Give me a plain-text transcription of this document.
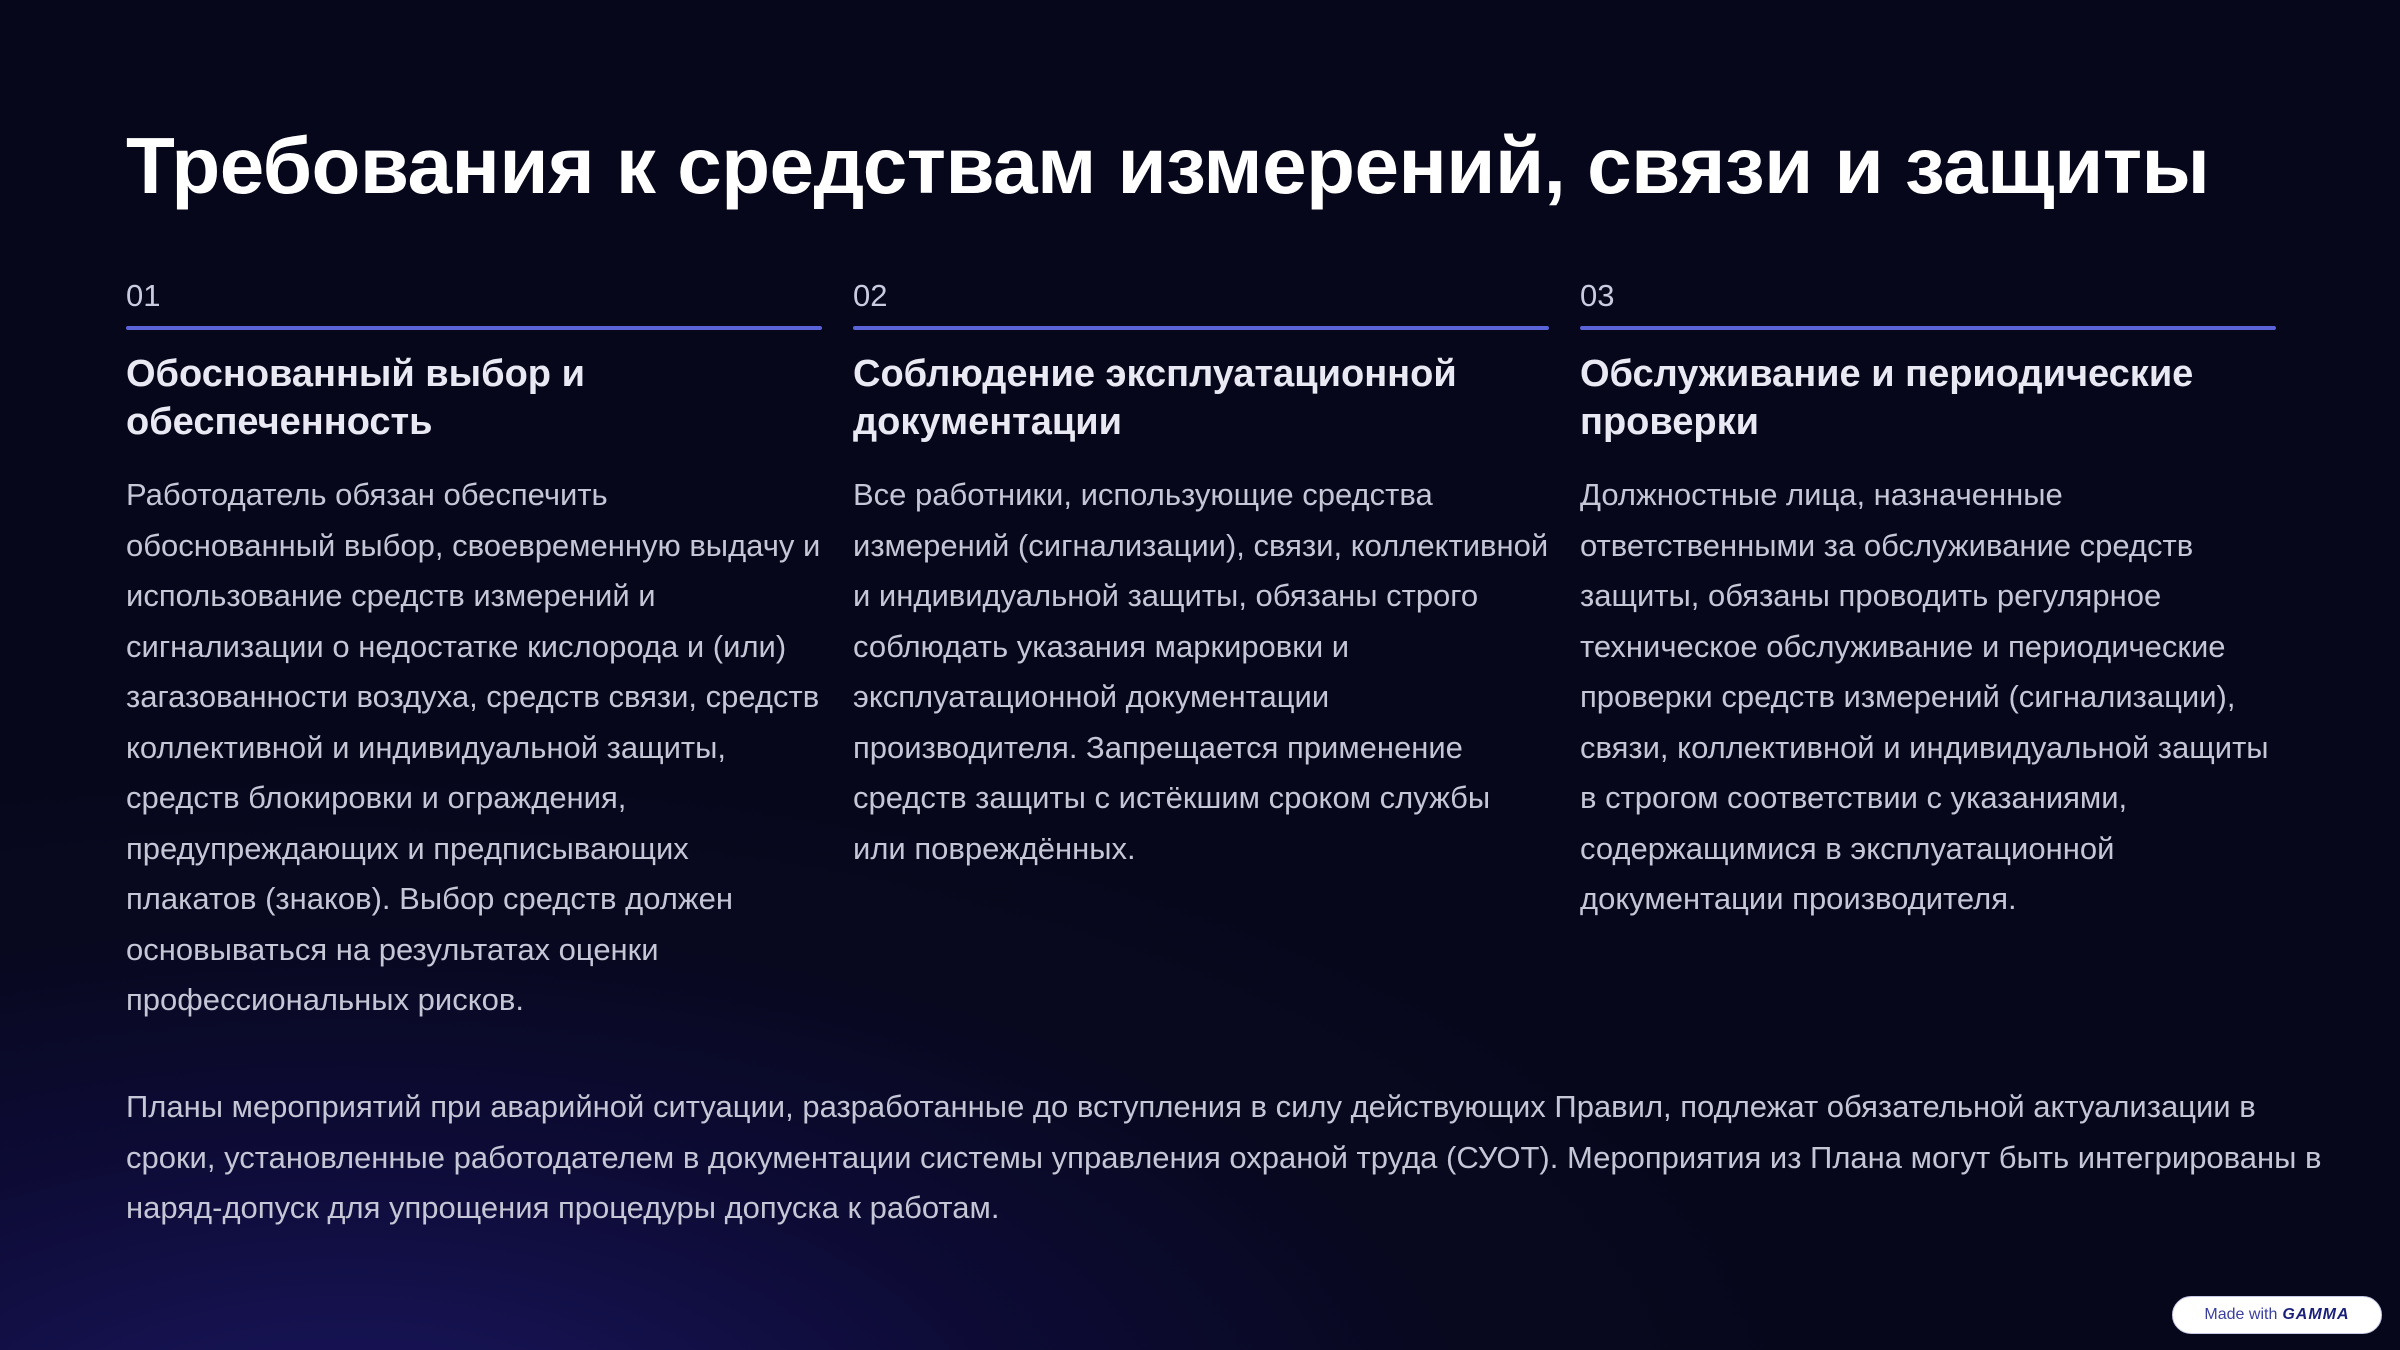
Требования к средствам измерений, связи и защиты
01
Обоснованный выбор и обеспеченность

Работодатель обязан обеспечить обоснованный выбор, своевременную выдачу и использование средств измерений и сигнализации о недостатке кислорода и (или) загазованности воздуха, средств связи, средств коллективной и индивидуальной защиты, средств блокировки и ограждения, предупреждающих и предписывающих плакатов (знаков). Выбор средств должен основываться на результатах оценки профессиональных рисков.

02
Соблюдение эксплуатационной документации

Все работники, использующие средства измерений (сигнализации), связи, коллективной и индивидуальной защиты, обязаны строго соблюдать указания маркировки и эксплуатационной документации производителя. Запрещается применение средств защиты с истёкшим сроком службы или повреждённых.

03
Обслуживание и периодические проверки

Должностные лица, назначенные ответственными за обслуживание средств защиты, обязаны проводить регулярное техническое обслуживание и периодические проверки средств измерений (сигнализации), связи, коллективной и индивидуальной защиты в строгом соответствии с указаниями, содержащимися в эксплуатационной документации производителя.

Планы мероприятий при аварийной ситуации, разработанные до вступления в силу действующих Правил, подлежат обязательной актуализации в сроки, установленные работодателем в документации системы управления охраной труда (СУОТ). Мероприятия из Плана могут быть интегрированы в наряд-допуск для упрощения процедуры допуска к работам.

Made with GAMMA
